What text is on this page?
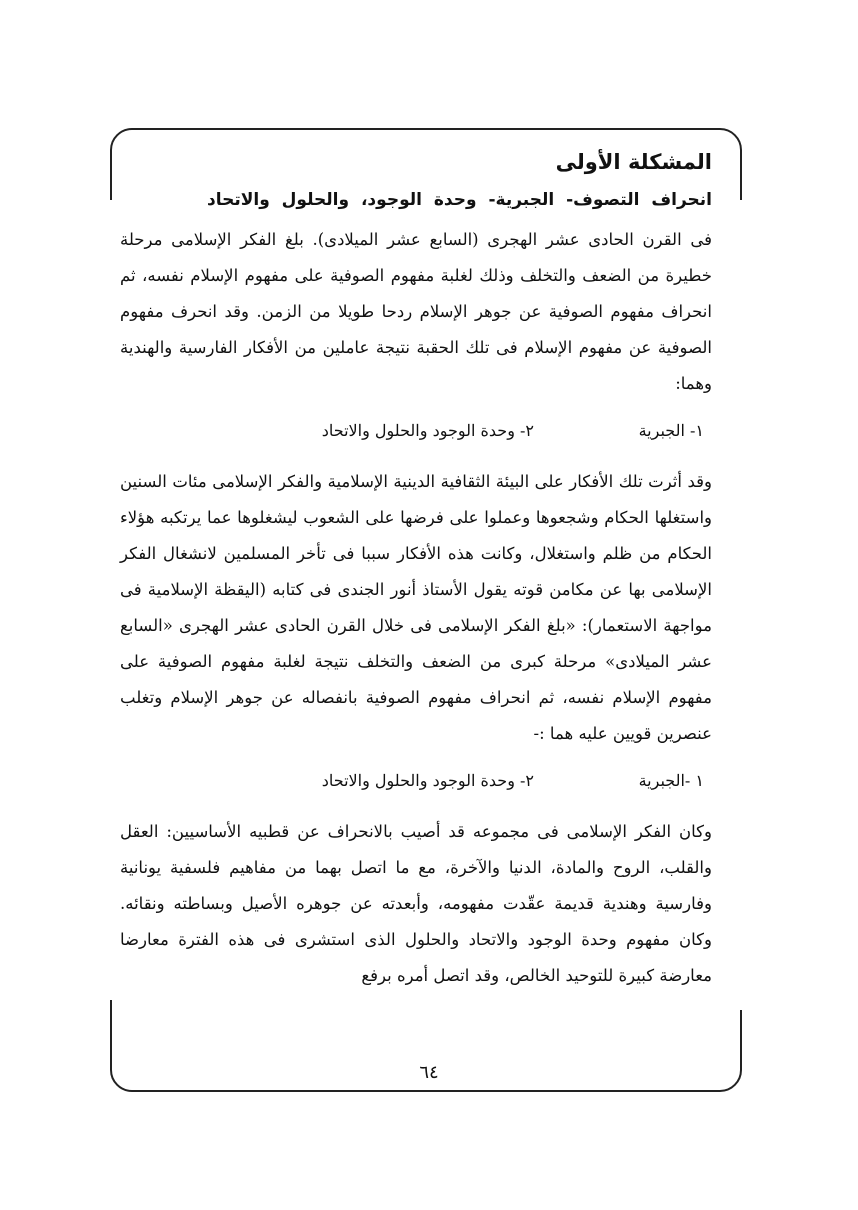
المشكلة الأولى
انحراف التصوف- الجبرية- وحدة الوجود، والحلول والاتحاد

فى القرن الحادى عشر الهجرى (السابع عشر الميلادى). بلغ الفكر الإسلامى مرحلة خطيرة من الضعف والتخلف وذلك لغلبة مفهوم الصوفية على مفهوم الإسلام نفسه، ثم انحراف مفهوم الصوفية عن جوهر الإسلام ردحا طويلا من الزمن. وقد انحرف مفهوم الصوفية عن مفهوم الإسلام فى تلك الحقبة نتيجة عاملين من الأفكار الفارسية والهندية وهما:

١- الجبرية
٢- وحدة الوجود والحلول والاتحاد

وقد أثرت تلك الأفكار على البيئة الثقافية الدينية الإسلامية والفكر الإسلامى مئات السنين واستغلها الحكام وشجعوها وعملوا على فرضها على الشعوب ليشغلوها عما يرتكبه هؤلاء الحكام من ظلم واستغلال، وكانت هذه الأفكار سببا فى تأخر المسلمين لانشغال الفكر الإسلامى بها عن مكامن قوته يقول الأستاذ أنور الجندى فى كتابه (اليقظة الإسلامية فى مواجهة الاستعمار): «بلغ الفكر الإسلامى فى خلال القرن الحادى عشر الهجرى «السابع عشر الميلادى» مرحلة كبرى من الضعف والتخلف نتيجة لغلبة مفهوم الصوفية على مفهوم الإسلام نفسه، ثم انحراف مفهوم الصوفية بانفصاله عن جوهر الإسلام وتغلب عنصرين قويين عليه هما :-

١ -الجبرية
٢- وحدة الوجود والحلول والاتحاد

وكان الفكر الإسلامى فى مجموعه قد أصيب بالانحراف عن قطبيه الأساسيين: العقل والقلب، الروح والمادة، الدنيا والآخرة، مع ما اتصل بهما من مفاهيم فلسفية يونانية وفارسية وهندية قديمة عقّدت مفهومه، وأبعدته عن جوهره الأصيل وبساطته ونقائه. وكان مفهوم وحدة الوجود والاتحاد والحلول الذى استشرى فى هذه الفترة معارضا معارضة كبيرة للتوحيد الخالص، وقد اتصل أمره برفع

٦٤
